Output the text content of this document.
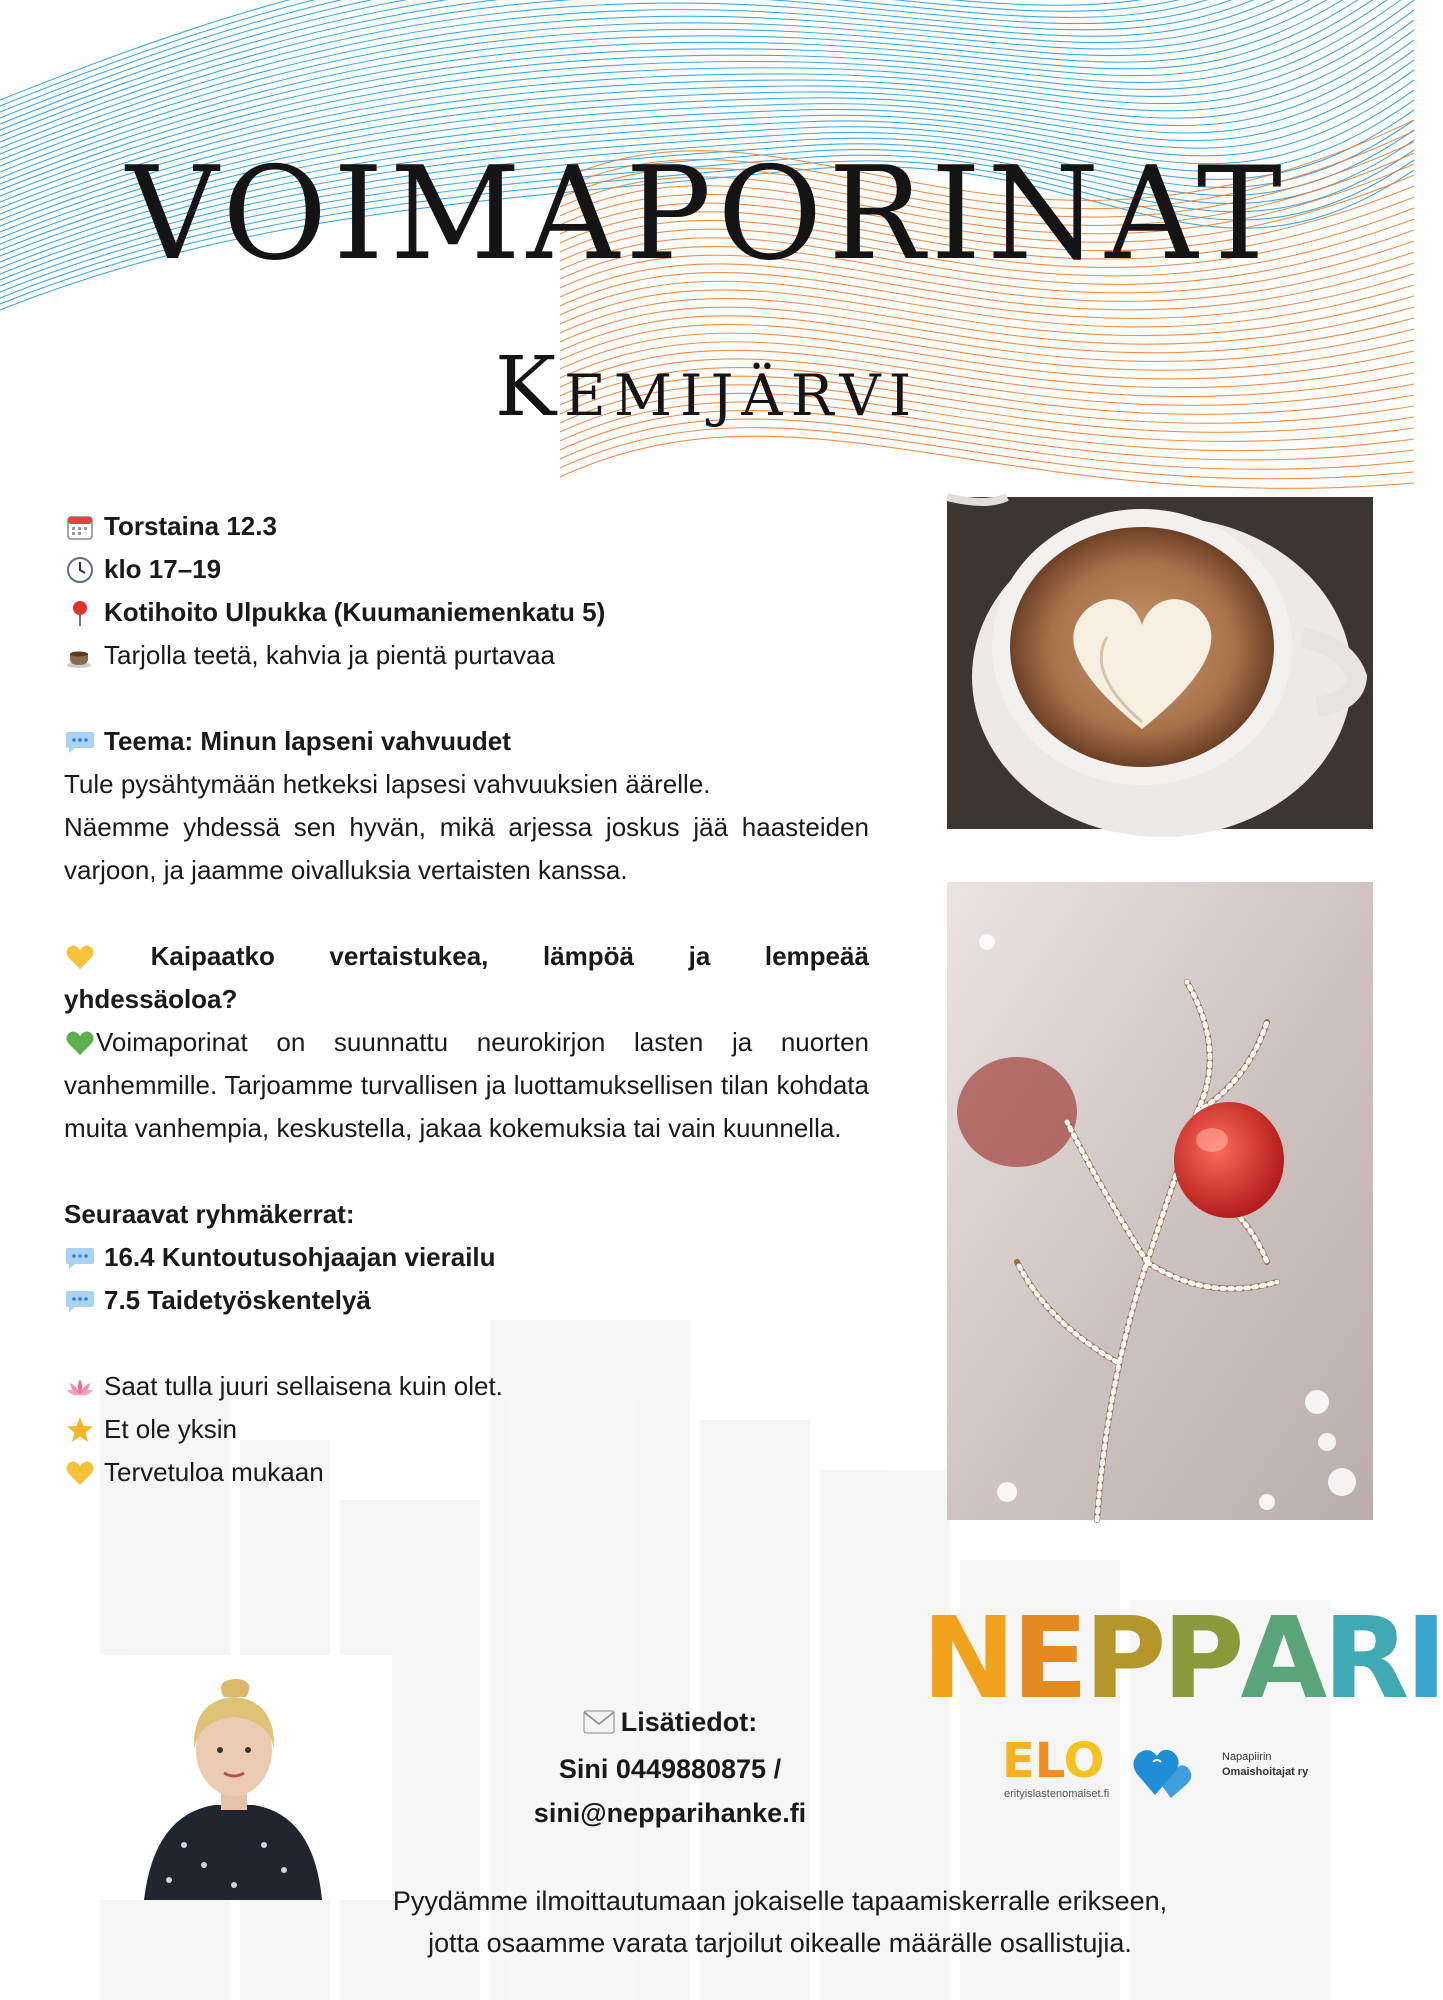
VOIMAPORINAT
Kemijärvi
Torstaina 12.3
klo 17–19
Kotihoito Ulpukka (Kuumaniemenkatu 5)
Tarjolla teetä, kahvia ja pientä purtavaa
Teema: Minun lapseni vahvuudet
Tule pysähtymään hetkeksi lapsesi vahvuuksien äärelle.
Näemme yhdessä sen hyvän, mikä arjessa joskus jää haasteiden varjoon, ja jaamme oivalluksia vertaisten kanssa.
Kaipaatko vertaistukea, lämpöä ja lempeää
yhdessäoloa?
Voimaporinat on suunnattu neurokirjon lasten ja nuorten vanhemmille. Tarjoamme turvallisen ja luottamuksellisen tilan kohdata muita vanhempia, keskustella, jakaa kokemuksia tai vain kuunnella.
Seuraavat ryhmäkerrat:
16.4 Kuntoutusohjaajan vierailu
7.5 Taidetyöskentelyä
Saat tulla juuri sellaisena kuin olet.
Et ole yksin
Tervetuloa mukaan
Lisätiedot:
Sini 0449880875 /
sini@nepparihanke.fi
Pyydämme ilmoittautumaan jokaiselle tapaamiskerralle erikseen,
jotta osaamme varata tarjoilut oikealle määrälle osallistujia.
N E P P A R I
ELO
erityislastenomaiset.fi
Napapiirin
Omaishoitajat ry
